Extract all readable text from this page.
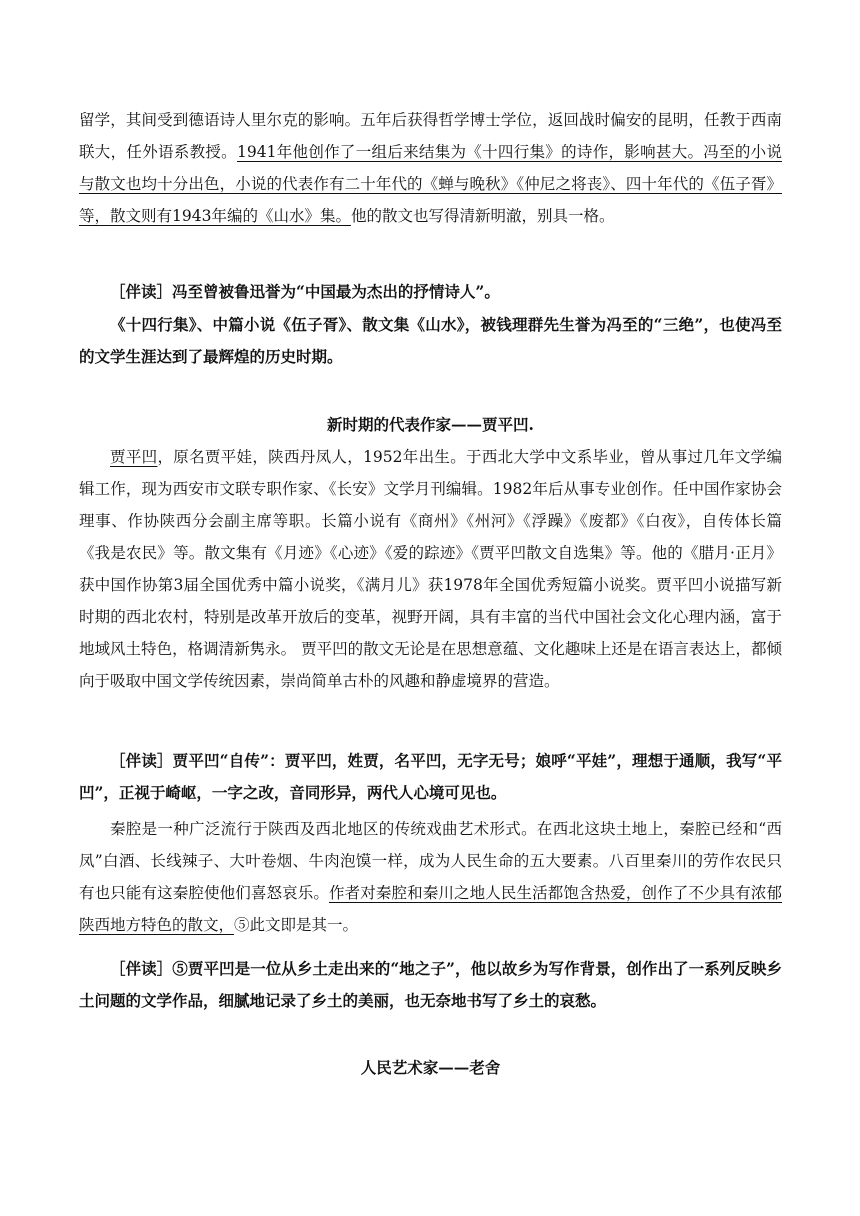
留学，其间受到德语诗人里尔克的影响。五年后获得哲学博士学位，返回战时偏安的昆明，任教于西南联大，任外语系教授。1941年他创作了一组后来结集为《十四行集》的诗作，影响甚大。冯至的小说与散文也均十分出色，小说的代表作有二十年代的《蝉与晚秋》《仲尼之将丧》、四十年代的《伍子胥》等，散文则有1943年编的《山水》集。他的散文也写得清新明澈，别具一格。

［伴读］冯至曾被鲁迅誉为“中国最为杰出的抒情诗人”。

《十四行集》、中篇小说《伍子胥》、散文集《山水》，被钱理群先生誉为冯至的“三绝”，也使冯至的文学生涯达到了最辉煌的历史时期。

新时期的代表作家——贾平凹.

贾平凹，原名贾平娃，陕西丹凤人，1952年出生。于西北大学中文系毕业，曾从事过几年文学编辑工作，现为西安市文联专职作家、《长安》文学月刊编辑。1982年后从事专业创作。任中国作家协会理事、作协陕西分会副主席等职。长篇小说有《商州》《州河》《浮躁》《废都》《白夜》，自传体长篇《我是农民》等。散文集有《月迹》《心迹》《爱的踪迹》《贾平凹散文自选集》等。他的《腊月·正月》获中国作协第3届全国优秀中篇小说奖，《满月儿》获1978年全国优秀短篇小说奖。贾平凹小说描写新时期的西北农村，特别是改革开放后的变革，视野开阔，具有丰富的当代中国社会文化心理内涵，富于地域风土特色，格调清新隽永。 贾平凹的散文无论是在思想意蕴、文化趣味上还是在语言表达上，都倾向于吸取中国文学传统因素，崇尚简单古朴的风趣和静虚境界的营造。

［伴读］贾平凹“自传”：贾平凹，姓贾，名平凹，无字无号；娘呼“平娃”，理想于通顺，我写“平凹”，正视于崎岖，一字之改，音同形异，两代人心境可见也。

秦腔是一种广泛流行于陕西及西北地区的传统戏曲艺术形式。在西北这块土地上，秦腔已经和“西凤”白酒、长线辣子、大叶卷烟、牛肉泡馍一样，成为人民生命的五大要素。八百里秦川的劳作农民只有也只能有这秦腔使他们喜怒哀乐。作者对秦腔和秦川之地人民生活都饱含热爱，创作了不少具有浓郁陕西地方特色的散文，⑤此文即是其一。

［伴读］⑤贾平凹是一位从乡土走出来的“地之子”，他以故乡为写作背景，创作出了一系列反映乡土问题的文学作品，细腻地记录了乡土的美丽，也无奈地书写了乡土的哀愁。

人民艺术家——老舍
